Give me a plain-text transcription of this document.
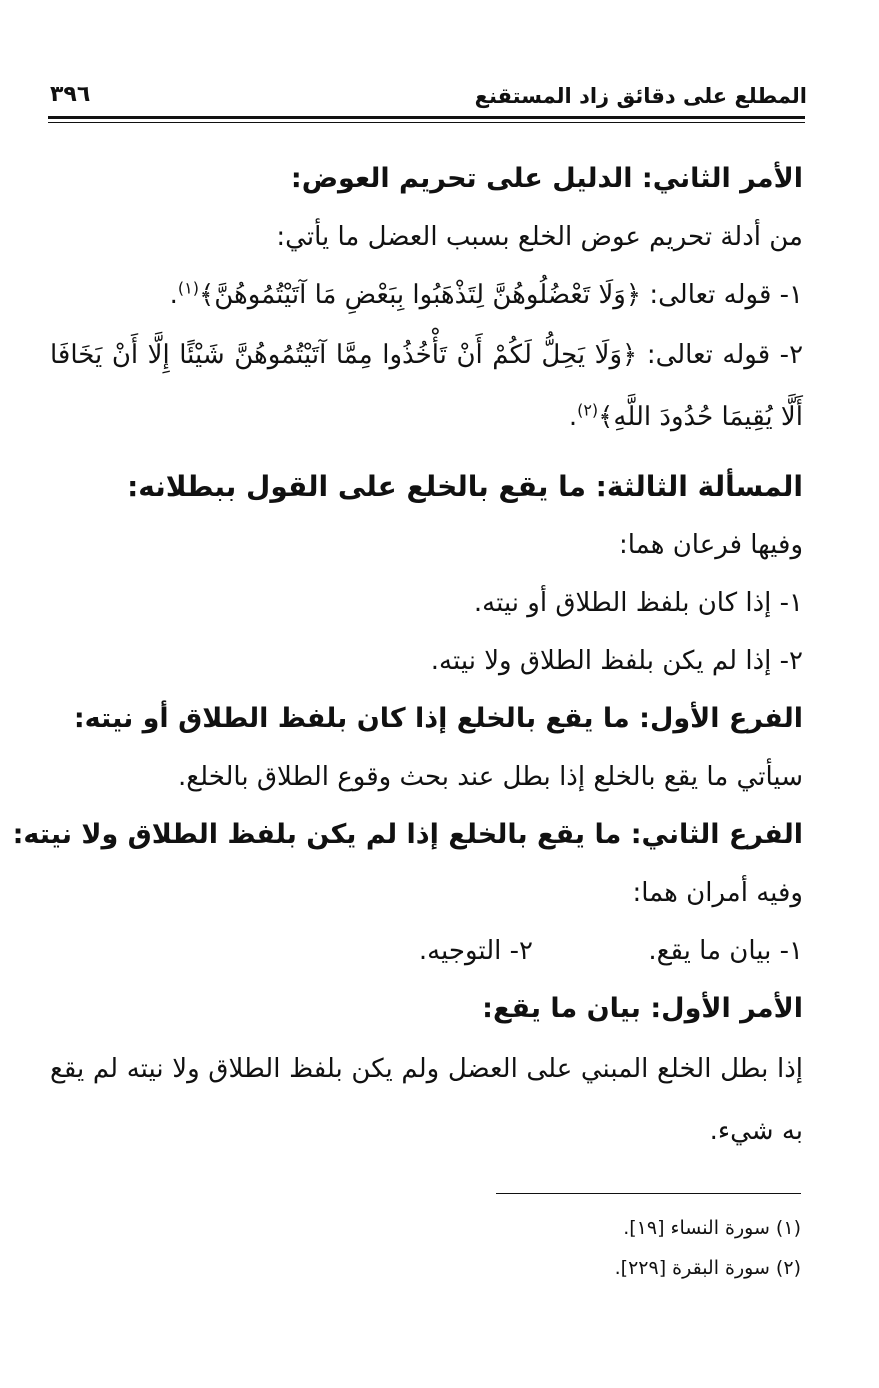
المطلع على دقائق زاد المستقنع
٣٩٦
الأمر الثاني: الدليل على تحريم العوض:
من أدلة تحريم عوض الخلع بسبب العضل ما يأتي:
١- قوله تعالى: ﴿وَلَا تَعْضُلُوهُنَّ لِتَذْهَبُوا بِبَعْضِ مَا آتَيْتُمُوهُنَّ﴾$^{(١)}$.
٢- قوله تعالى: ﴿وَلَا يَحِلُّ لَكُمْ أَنْ تَأْخُذُوا مِمَّا آتَيْتُمُوهُنَّ شَيْئًا إِلَّا أَنْ يَخَافَا أَلَّا يُقِيمَا حُدُودَ اللَّهِ﴾$^{(٢)}$.
المسألة الثالثة: ما يقع بالخلع على القول ببطلانه:
وفيها فرعان هما:
١- إذا كان بلفظ الطلاق أو نيته.
٢- إذا لم يكن بلفظ الطلاق ولا نيته.
الفرع الأول: ما يقع بالخلع إذا كان بلفظ الطلاق أو نيته:
سيأتي ما يقع بالخلع إذا بطل عند بحث وقوع الطلاق بالخلع.
الفرع الثاني: ما يقع بالخلع إذا لم يكن بلفظ الطلاق ولا نيته:
وفيه أمران هما:
١- بيان ما يقع.
٢- التوجيه.
الأمر الأول: بيان ما يقع:
إذا بطل الخلع المبني على العضل ولم يكن بلفظ الطلاق ولا نيته لم يقع به شيء.
(١) سورة النساء [١٩].
(٢) سورة البقرة [٢٢٩].
